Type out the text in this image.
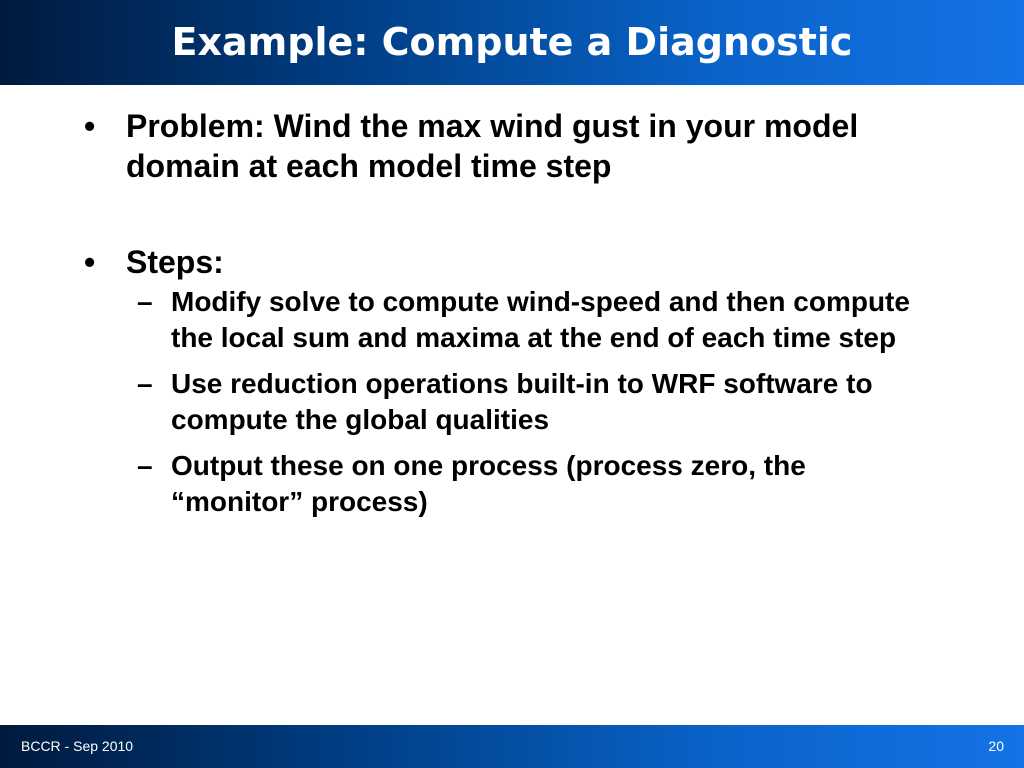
Example: Compute a Diagnostic
• Problem: Wind the max wind gust in your model domain at each model time step
• Steps:
– Modify solve to compute wind-speed and then compute the local sum and maxima at the end of each time step
– Use reduction operations built-in to WRF software to compute the global qualities
– Output these on one process (process zero, the “monitor” process)
BCCR - Sep 2010	20
